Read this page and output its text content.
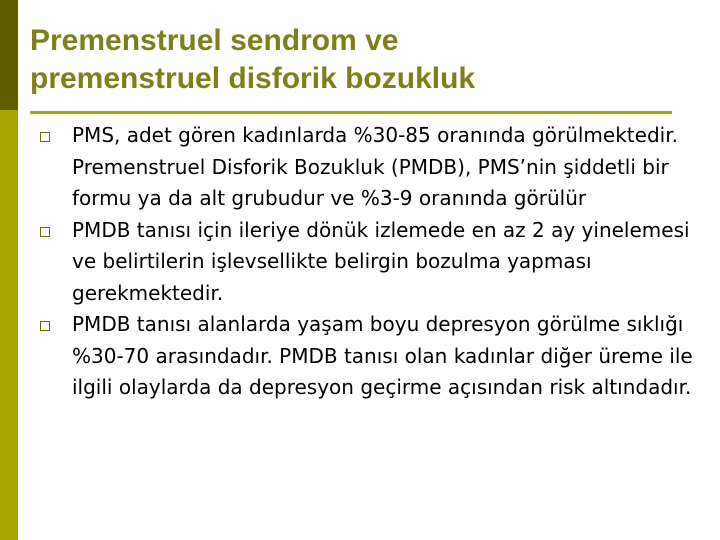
Premenstruel sendrom ve
premenstruel disforik bozukluk
PMS, adet gören kadınlarda %30-85 oranında görülmektedir. Premenstruel Disforik Bozukluk (PMDB), PMS’nin şiddetli bir formu ya da alt grubudur ve %3-9 oranında görülür
PMDB tanısı için ileriye dönük izlemede en az 2 ay yinelemesi ve belirtilerin işlevsellikte belirgin bozulma yapması gerekmektedir.
PMDB tanısı alanlarda yaşam boyu depresyon görülme sıklığı %30-70 arasındadır. PMDB tanısı olan kadınlar diğer üreme ile ilgili olaylarda da depresyon geçirme açısından risk altındadır.
